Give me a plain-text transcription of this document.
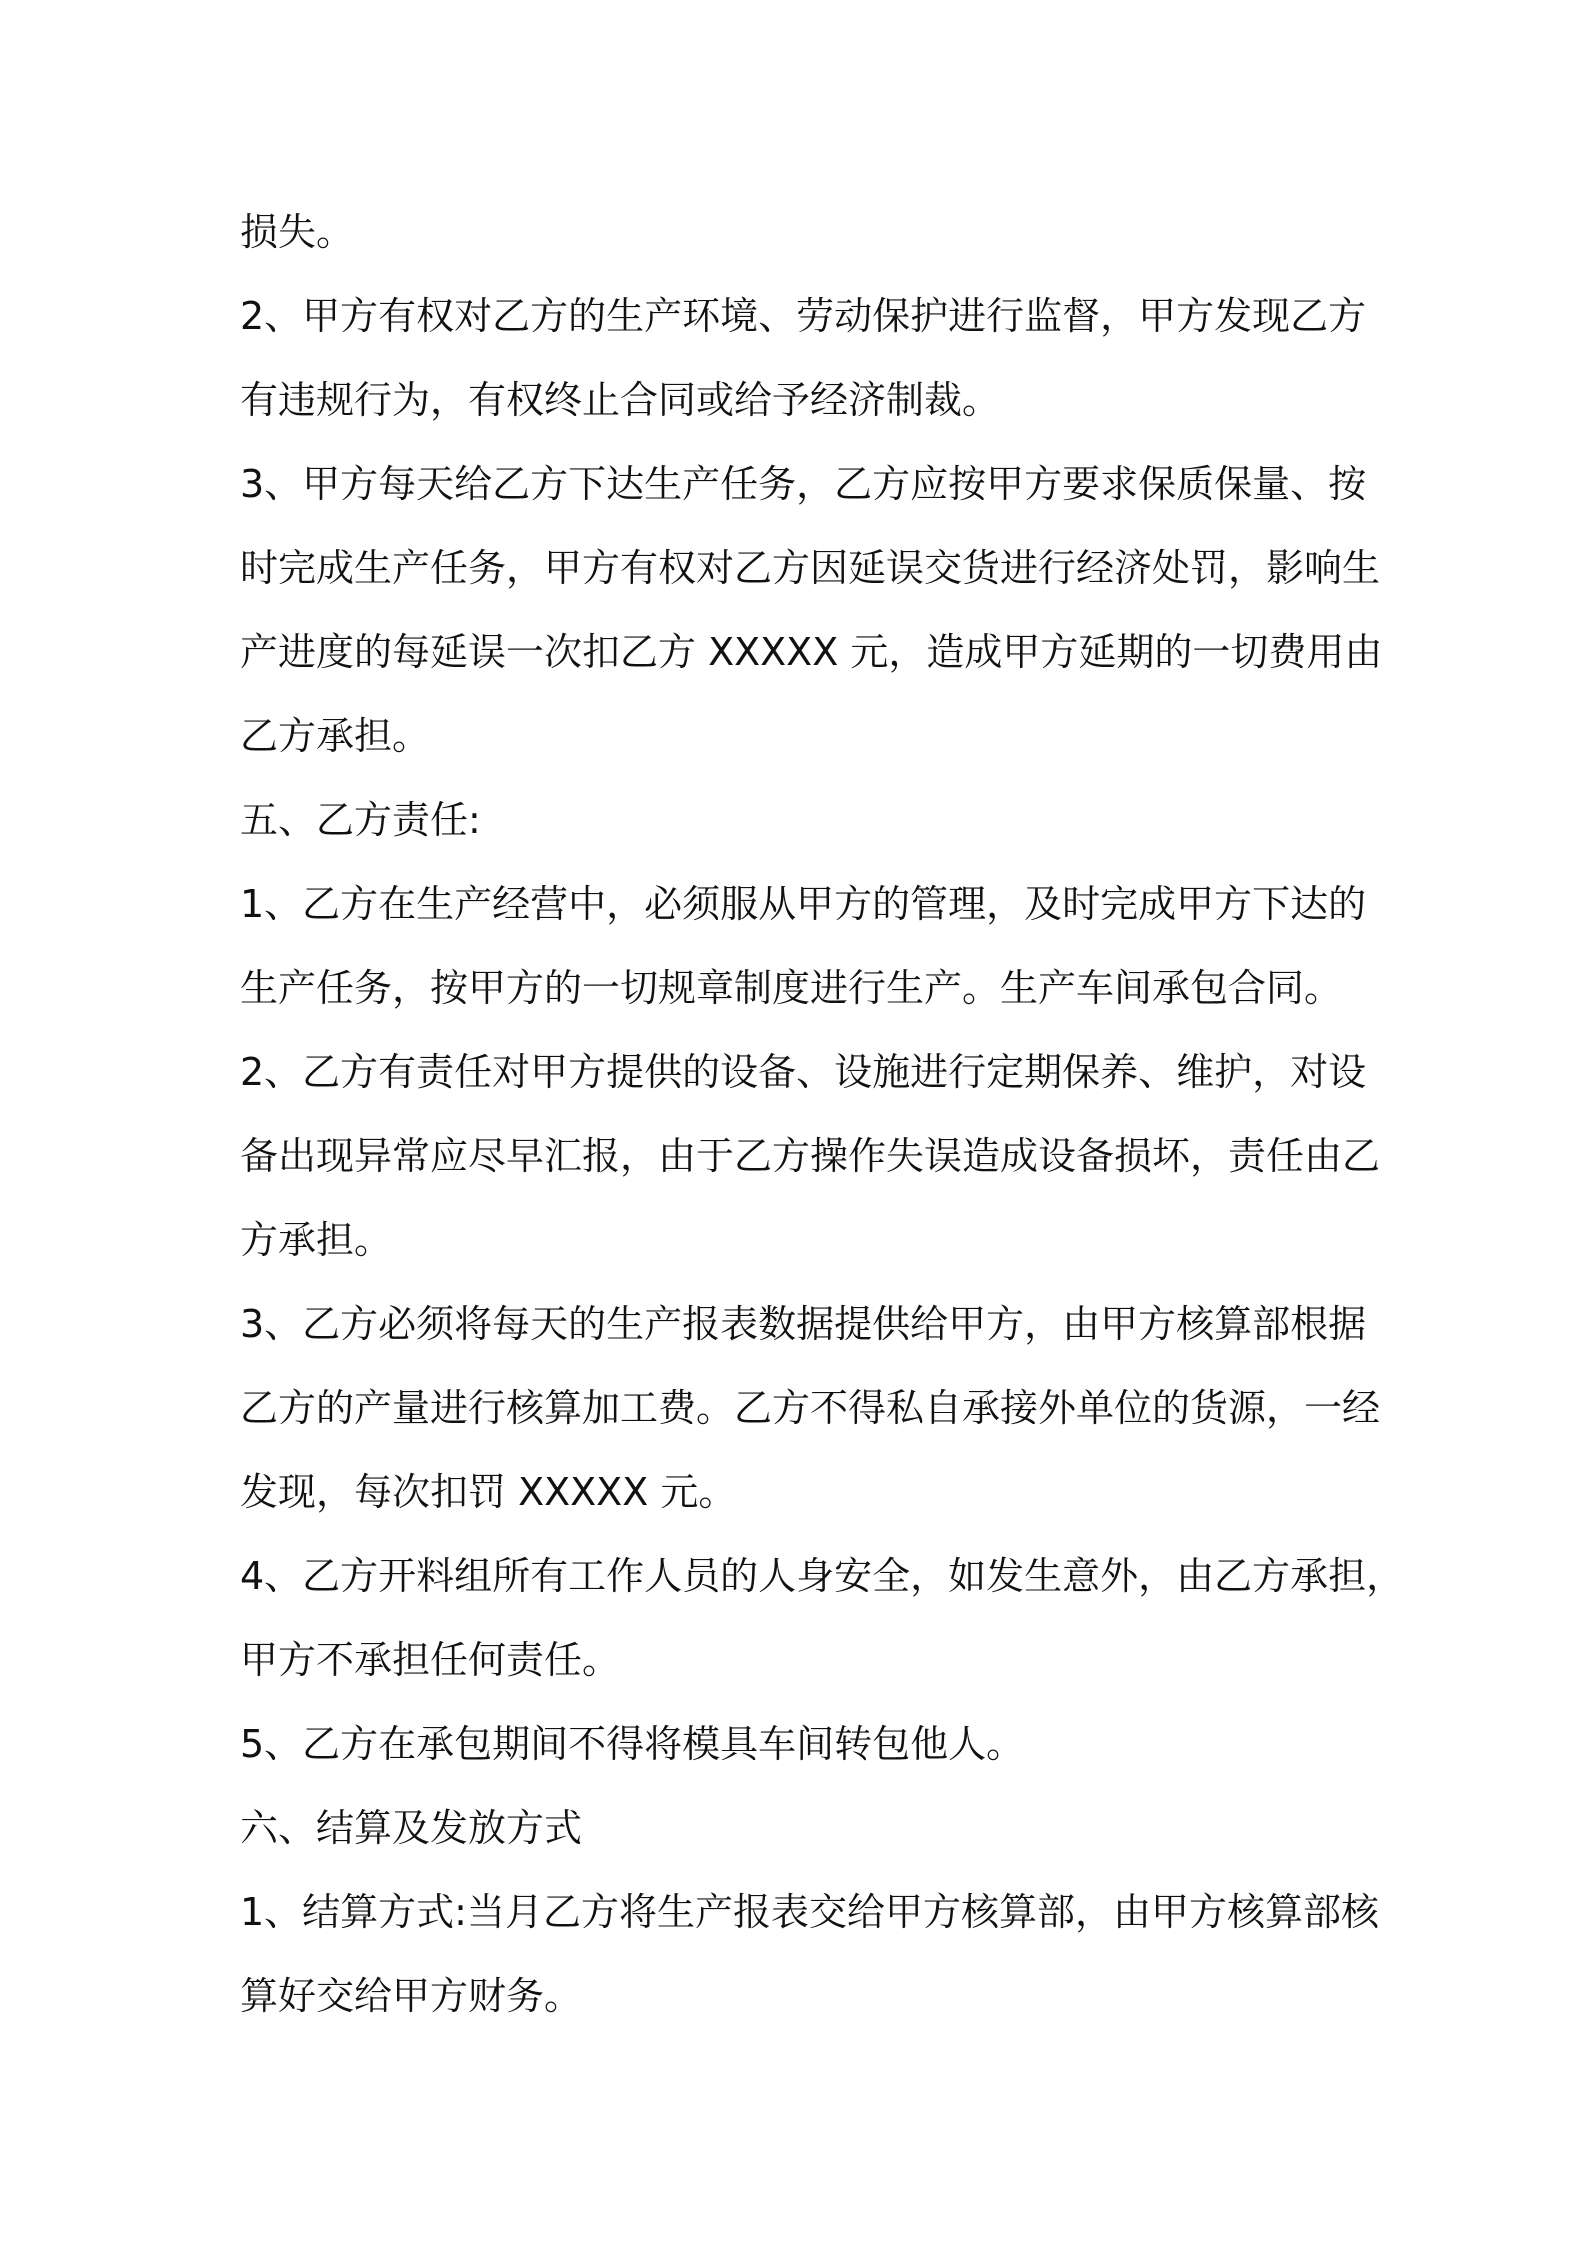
损失。
2、甲方有权对乙方的生产环境、劳动保护进行监督，甲方发现乙方
有违规行为，有权终止合同或给予经济制裁。
3、甲方每天给乙方下达生产任务，乙方应按甲方要求保质保量、按
时完成生产任务，甲方有权对乙方因延误交货进行经济处罚，影响生
产进度的每延误一次扣乙方 XXXXX 元，造成甲方延期的一切费用由
乙方承担。
五、乙方责任:
1、乙方在生产经营中，必须服从甲方的管理，及时完成甲方下达的
生产任务，按甲方的一切规章制度进行生产。生产车间承包合同。
2、乙方有责任对甲方提供的设备、设施进行定期保养、维护，对设
备出现异常应尽早汇报，由于乙方操作失误造成设备损坏，责任由乙
方承担。
3、乙方必须将每天的生产报表数据提供给甲方，由甲方核算部根据
乙方的产量进行核算加工费。乙方不得私自承接外单位的货源，一经
发现，每次扣罚 XXXXX 元。
4、乙方开料组所有工作人员的人身安全，如发生意外，由乙方承担，
甲方不承担任何责任。
5、乙方在承包期间不得将模具车间转包他人。
六、结算及发放方式
1、结算方式:当月乙方将生产报表交给甲方核算部，由甲方核算部核
算好交给甲方财务。
